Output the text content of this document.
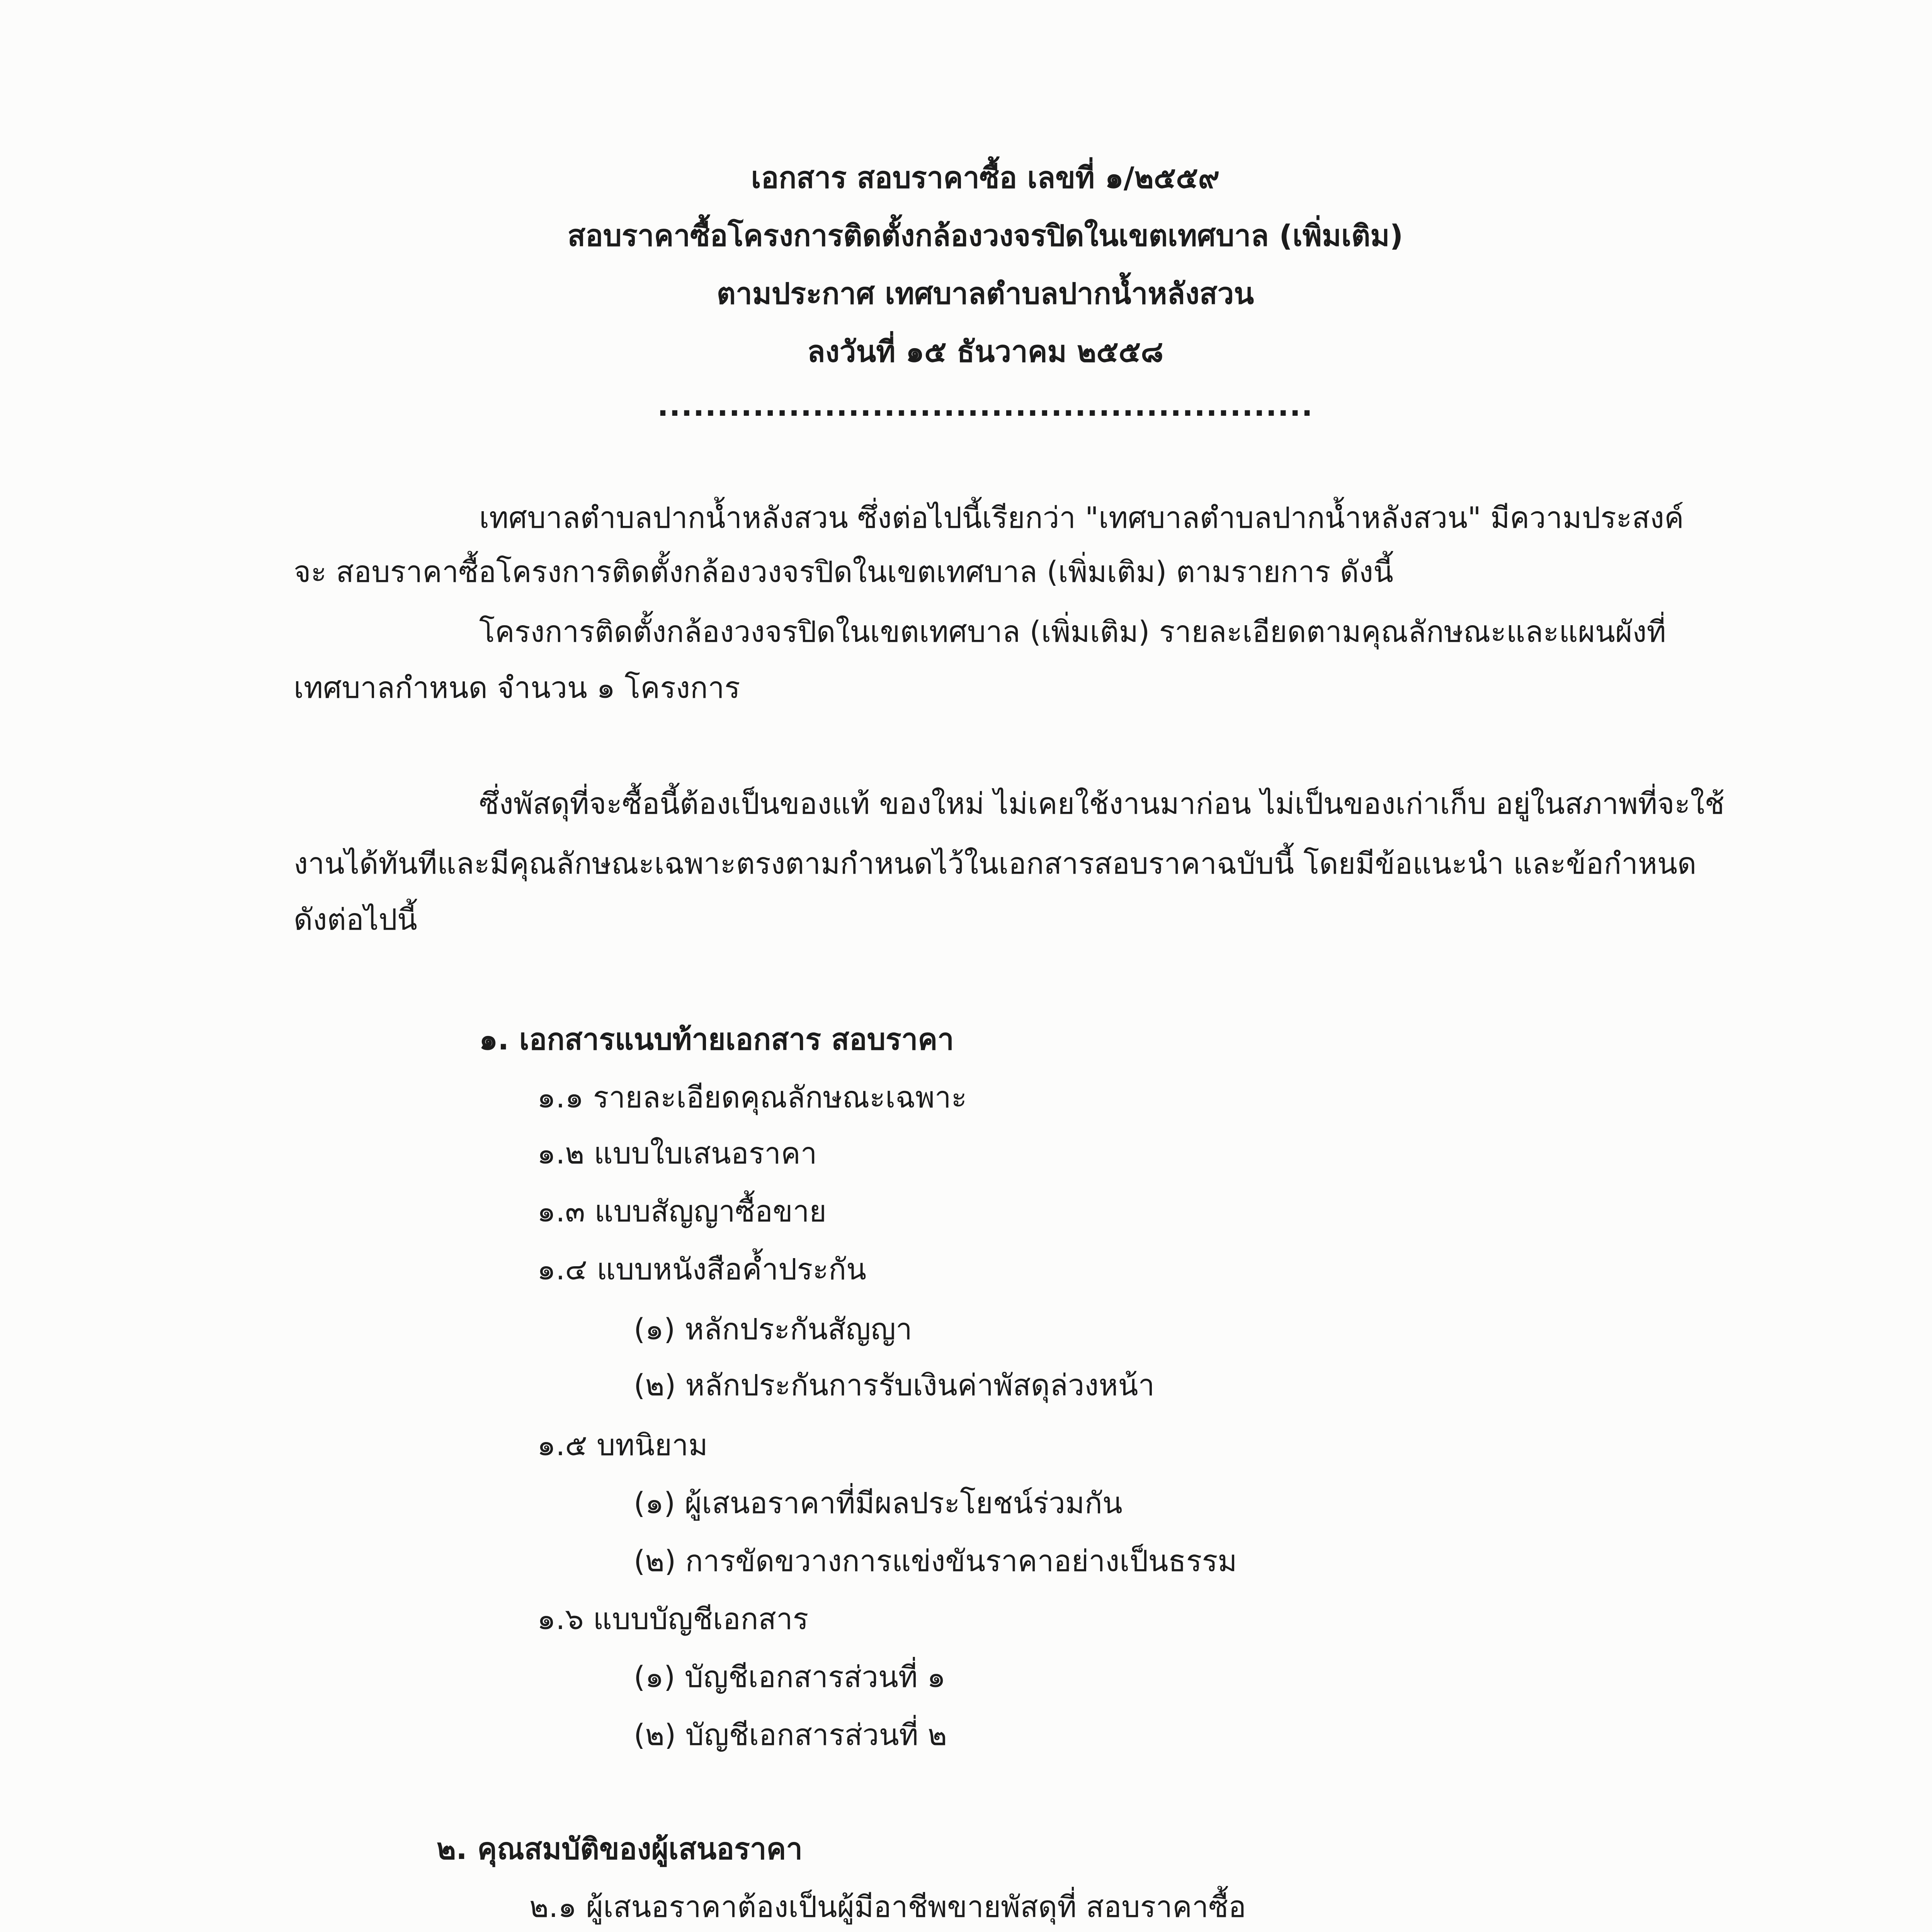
เอกสาร สอบราคาซื้อ เลขที่ ๑/๒๕๕๙
สอบราคาซื้อโครงการติดตั้งกล้องวงจรปิดในเขตเทศบาล (เพิ่มเติม)
ตามประกาศ เทศบาลตำบลปากน้ำหลังสวน
ลงวันที่ ๑๕ ธันวาคม ๒๕๕๘
.......................................................
เทศบาลตำบลปากน้ำหลังสวน ซึ่งต่อไปนี้เรียกว่า "เทศบาลตำบลปากน้ำหลังสวน" มีความประสงค์
จะ สอบราคาซื้อโครงการติดตั้งกล้องวงจรปิดในเขตเทศบาล (เพิ่มเติม) ตามรายการ ดังนี้
โครงการติดตั้งกล้องวงจรปิดในเขตเทศบาล (เพิ่มเติม) รายละเอียดตามคุณลักษณะและแผนผังที่
เทศบาลกำหนด จำนวน ๑ โครงการ
ซึ่งพัสดุที่จะซื้อนี้ต้องเป็นของแท้ ของใหม่ ไม่เคยใช้งานมาก่อน ไม่เป็นของเก่าเก็บ อยู่ในสภาพที่จะใช้
งานได้ทันทีและมีคุณลักษณะเฉพาะตรงตามกำหนดไว้ในเอกสารสอบราคาฉบับนี้ โดยมีข้อแนะนำ และข้อกำหนด
ดังต่อไปนี้
๑. เอกสารแนบท้ายเอกสาร สอบราคา
๑.๑ รายละเอียดคุณลักษณะเฉพาะ
๑.๒ แบบใบเสนอราคา
๑.๓ แบบสัญญาซื้อขาย
๑.๔ แบบหนังสือค้ำประกัน
(๑) หลักประกันสัญญา
(๒) หลักประกันการรับเงินค่าพัสดุล่วงหน้า
๑.๕ บทนิยาม
(๑) ผู้เสนอราคาที่มีผลประโยชน์ร่วมกัน
(๒) การขัดขวางการแข่งขันราคาอย่างเป็นธรรม
๑.๖ แบบบัญชีเอกสาร
(๑) บัญชีเอกสารส่วนที่ ๑
(๒) บัญชีเอกสารส่วนที่ ๒
๒. คุณสมบัติของผู้เสนอราคา
๒.๑ ผู้เสนอราคาต้องเป็นผู้มีอาชีพขายพัสดุที่ สอบราคาซื้อ
